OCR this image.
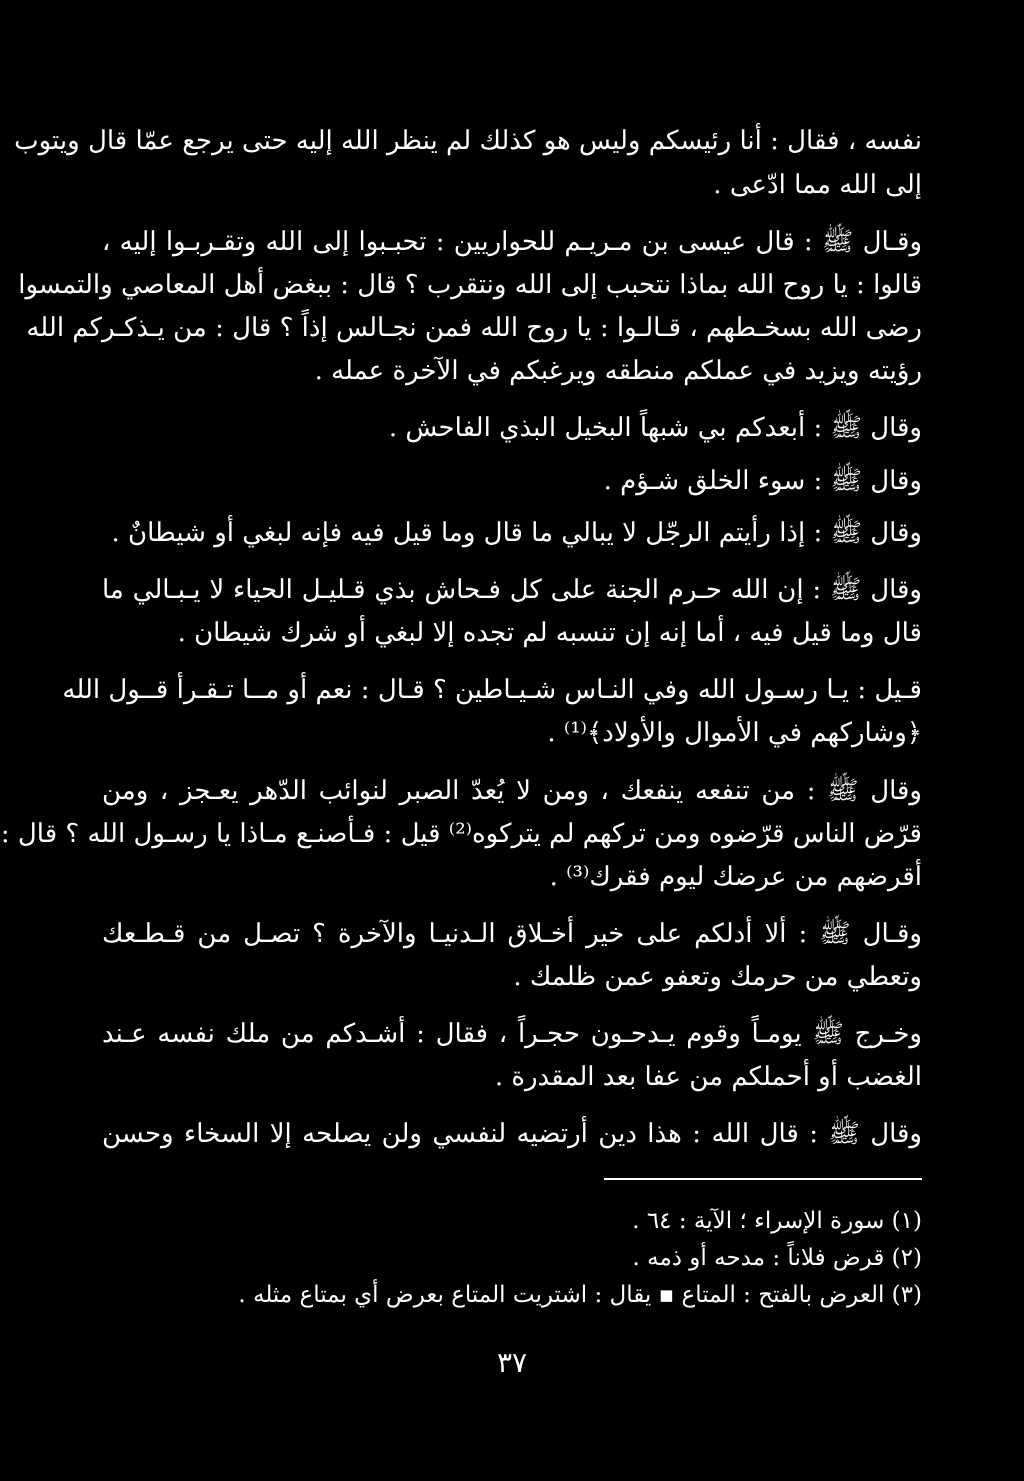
نفسه ، فقال : أنا رئيسكم وليس هو كذلك لم ينظر الله إليه حتى يرجع عمّا قال ويتوب
إلى الله مما ادّعى .
وقـال ﷺ : قال عيسى بن مـريـم للحواريين : تحبـبوا إلى الله وتقـربـوا إليه ،
قالوا : يا روح الله بماذا نتحبب إلى الله ونتقرب ؟ قال : ببغض أهل المعاصي والتمسوا
رضى الله بسخـطهم ، قـالـوا : يا روح الله فمن نجـالس إذاً ؟ قال : من يـذكـركم الله
رؤيته ويزيد في عملكم منطقه ويرغبكم في الآخرة عمله .
وقال ﷺ : أبعدكم بي شبهاً البخيل البذي الفاحش .
وقال ﷺ : سوء الخلق شـؤم .
وقال ﷺ : إذا رأيتم الرجّل لا يبالي ما قال وما قيل فيه فإنه لبغي أو شيطانٌ .
وقال ﷺ : إن الله حـرم الجنة على كل فـحاش بذي قـليـل الحياء لا يـبـالي ما
قال وما قيل فيه ، أما إنه إن تنسبه لم تجده إلا لبغي أو شرك شيطان .
قـيل : يـا رسـول الله وفي النـاس شـيـاطين ؟ قـال : نعم أو مــا تـقـرأ قــول الله
﴿وشاركهم في الأموال والأولاد﴾⁽¹⁾ .
وقال ﷺ : من تنفعه ينفعك ، ومن لا يُعدّ الصبر لنوائب الدّهر يعـجز ، ومن
قرّض الناس قرّضوه ومن تركهم لم يتركوه⁽²⁾ قيل : فـأصنـع مـاذا يا رسـول الله ؟ قال :
أقرضهم من عرضك ليوم فقرك⁽³⁾ .
وقـال ﷺ : ألا أدلكم على خير أخـلاق الـدنيـا والآخرة ؟ تصـل من قـطـعك
وتعطي من حرمك وتعفو عمن ظلمك .
وخـرج ﷺ يومـاً وقوم يـدحـون حجـراً ، فقال : أشـدكم من ملك نفسه عـند
الغضب أو أحملكم من عفا بعد المقدرة .
وقال ﷺ : قال الله : هذا دين أرتضيه لنفسي ولن يصلحه إلا السخاء وحسن
(١) سورة الإسراء ؛ الآية : ٦٤ .
(٢) قرض فلاناً : مدحه أو ذمه .
(٣) العرض بالفتح : المتاع ▪ يقال : اشتريت المتاع بعرض أي بمتاع مثله .
٣٧
